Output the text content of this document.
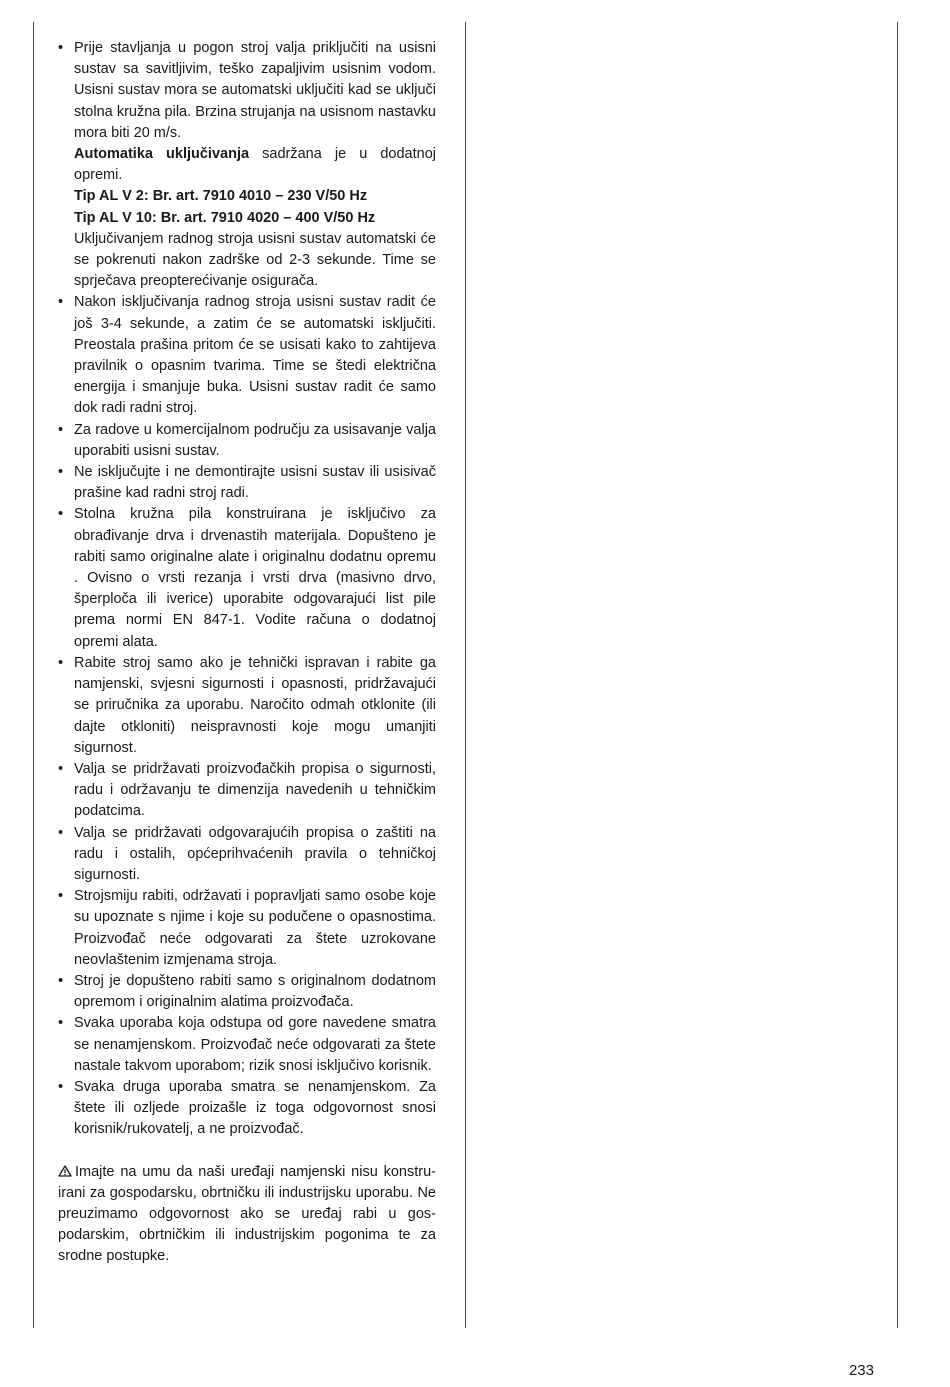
• Prije stavljanja u pogon stroj valja priključiti na usisni sustav sa savitljivim, teško zapaljivim usisnim vodom. Usisni sustav mora se automatski uključiti kad se uključi stolna kružna pila. Brzina strujanja na usisnom nastavku mora biti 20 m/s.

Automatika uključivanja sadržana je u dodatnoj opremi.

Tip AL V 2: Br. art. 7910 4010 – 230 V/50 Hz

Tip AL V 10: Br. art. 7910 4020 – 400 V/50 Hz

Uključivanjem radnog stroja usisni sustav automatski će se pokrenuti nakon zadrške od 2-3 sekunde. Time se sprječava preopterećivanje osigurača.

• Nakon isključivanja radnog stroja usisni sustav radit će još 3-4 sekunde, a zatim će se automatski isključiti. Preostala prašina pritom će se usisati kako to zahtijeva pravilnik o opasnim tvarima. Time se štedi električna energija i smanjuje buka. Usisni sustav radit će samo dok radi radni stroj.
• Za radove u komercijalnom području za usisavanje valja uporabiti usisni sustav.
• Ne isključujte i ne demontirajte usisni sustav ili usisivač prašine kad radni stroj radi.
• Stolna kružna pila konstruirana je isključivo za obrađivanje drva i drvenastih materijala. Dopušteno je rabiti samo originalne alate i originalnu dodatnu opremu . Ovisno o vrsti rezanja i vrsti drva (masivno drvo, šperploča ili iverice) uporabite odgovarajući list pile prema normi EN 847-1. Vodite računa o dodatnoj opremi alata.
• Rabite stroj samo ako je tehnički ispravan i rabite ga namjenski, svjesni sigurnosti i opasnosti, pridržavajući se priručnika za uporabu. Naročito odmah otklonite (ili dajte otkloniti) neispravnosti koje mogu umanjiti sigurnost.
• Valja se pridržavati proizvođačkih propisa o sigurnosti, radu i održavanju te dimenzija navedenih u tehničkim podatcima.
• Valja se pridržavati odgovarajućih propisa o zaštiti na radu i ostalih, općeprihvaćenih pravila o tehničkoj sigurnosti.
• Strojsmiju rabiti, održavati i popravljati samo osobe koje su upoznate s njime i koje su podučene o opasnostima. Proizvođač neće odgovarati za štete uzrokovane neovlaštenim izmjenama stroja.
• Stroj je dopušteno rabiti samo s originalnom dodatnom opremom i originalnim alatima proizvođača.
• Svaka uporaba koja odstupa od gore navedene smatra se nenamjenskom. Proizvođač neće odgovarati za štete nastale takvom uporabom; rizik snosi isključivo korisnik.
• Svaka druga uporaba smatra se nenamjenskom. Za štete ili ozljede proizašle iz toga odgovornost snosi korisnik/rukovatelj, a ne proizvođač.

Imajte na umu da naši uređaji namjenski nisu konstruirani za gospodarsku, obrtničku ili industrijsku uporabu. Ne preuzimamo odgovornost ako se uređaj rabi u gospodarskim, obrtničkim ili industrijskim pogonima te za srodne postupke.

233
